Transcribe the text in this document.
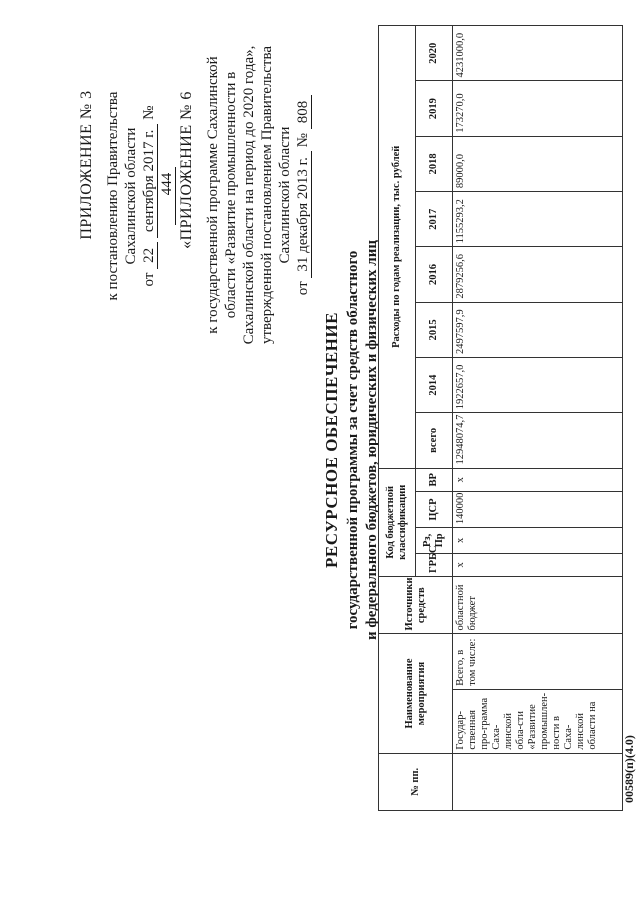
ПРИЛОЖЕНИЕ № 3 к постановлению Правительства Сахалинской области
от 22 сентября 2017 г. № 444 «ПРИЛОЖЕНИЕ № 6 к государственной программе Сахалинской области «Развитие промышленности в Сахалинской области на период до 2020 года», утвержденной постановлением Правительства Сахалинской области
от 31 декабря 2013 г. № 808
РЕСУРСНОЕ ОБЕСПЕЧЕНИЕ государственной программы за счет средств областного и федерального бюджетов, юридических и физических лиц
№ пп.	Наименование мероприятия		Источники средств	Код бюджетной классификации				Расходы по годам реализации, тыс. рублей							
				ГРБС	Рз, Пр	ЦСР	ВР	всего	2014	2015	2016	2017	2018	2019	2020
	Государ-ственная про-грамма Саха-линской обла-сти «Развитие промышлен-ности в Саха-линской области на	Всего, в том числе:	областной бюджет	x	x	140000	x	12948074,7	1922657,0	2497597,9	2879256,6	1155293,2	89000,0	173270,0	4231000,0
00589(п)(4.0)
